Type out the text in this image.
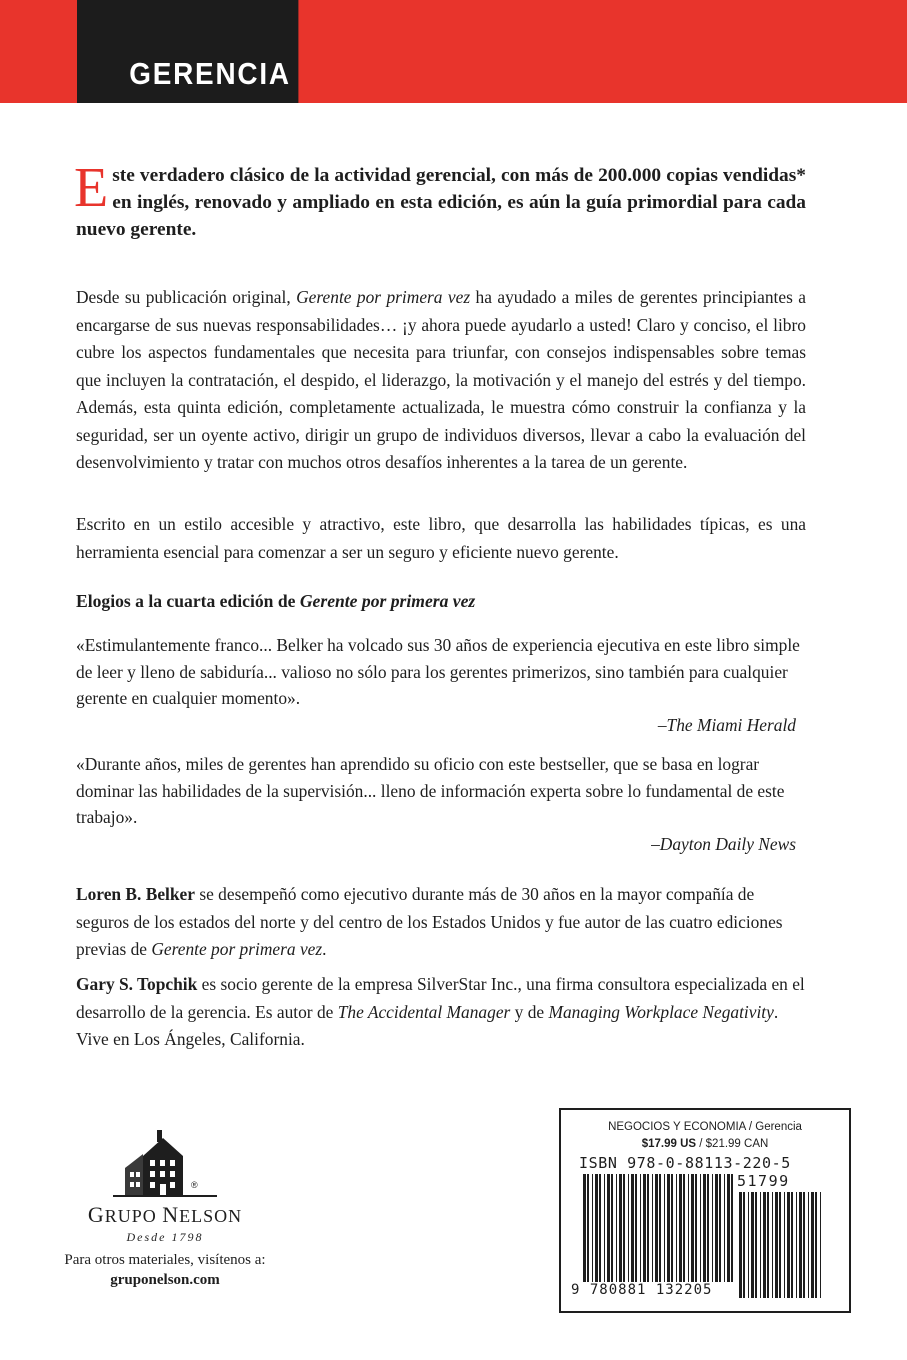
GERENCIA
Este verdadero clásico de la actividad gerencial, con más de 200.000 copias vendidas* en inglés, renovado y ampliado en esta edición, es aún la guía primordial para cada nuevo gerente.

Desde su publicación original, Gerente por primera vez ha ayudado a miles de gerentes principiantes a encargarse de sus nuevas responsabilidades… ¡y ahora puede ayudarlo a usted! Claro y conciso, el libro cubre los aspectos fundamentales que necesita para triunfar, con consejos indispensables sobre temas que incluyen la contratación, el despido, el liderazgo, la motivación y el manejo del estrés y del tiempo. Además, esta quinta edición, completamente actualizada, le muestra cómo construir la confianza y la seguridad, ser un oyente activo, dirigir un grupo de individuos diversos, llevar a cabo la evaluación del desenvolvimiento y tratar con muchos otros desafíos inherentes a la tarea de un gerente.

Escrito en un estilo accesible y atractivo, este libro, que desarrolla las habilidades típicas, es una herramienta esencial para comenzar a ser un seguro y eficiente nuevo gerente.

Elogios a la cuarta edición de Gerente por primera vez

«Estimulantemente franco... Belker ha volcado sus 30 años de experiencia ejecutiva en este libro simple de leer y lleno de sabiduría... valioso no sólo para los gerentes primerizos, sino también para cualquier gerente en cualquier momento».

–The Miami Herald

«Durante años, miles de gerentes han aprendido su oficio con este bestseller, que se basa en lograr dominar las habilidades de la supervisión... lleno de información experta sobre lo fundamental de este trabajo».

–Dayton Daily News

Loren B. Belker se desempeñó como ejecutivo durante más de 30 años en la mayor compañía de seguros de los estados del norte y del centro de los Estados Unidos y fue autor de las cuatro ediciones previas de Gerente por primera vez.

Gary S. Topchik es socio gerente de la empresa SilverStar Inc., una firma consultora especializada en el desarrollo de la gerencia. Es autor de The Accidental Manager y de Managing Workplace Negativity. Vive en Los Ángeles, California.

®
GRUPO NELSON
Desde 1798
Para otros materiales, visítenos a:
gruponelson.com
NEGOCIOS Y ECONOMIA / Gerencia
$17.99 US / $21.99 CAN
ISBN 978-0-88113-220-5
51799
9 780881 132205
